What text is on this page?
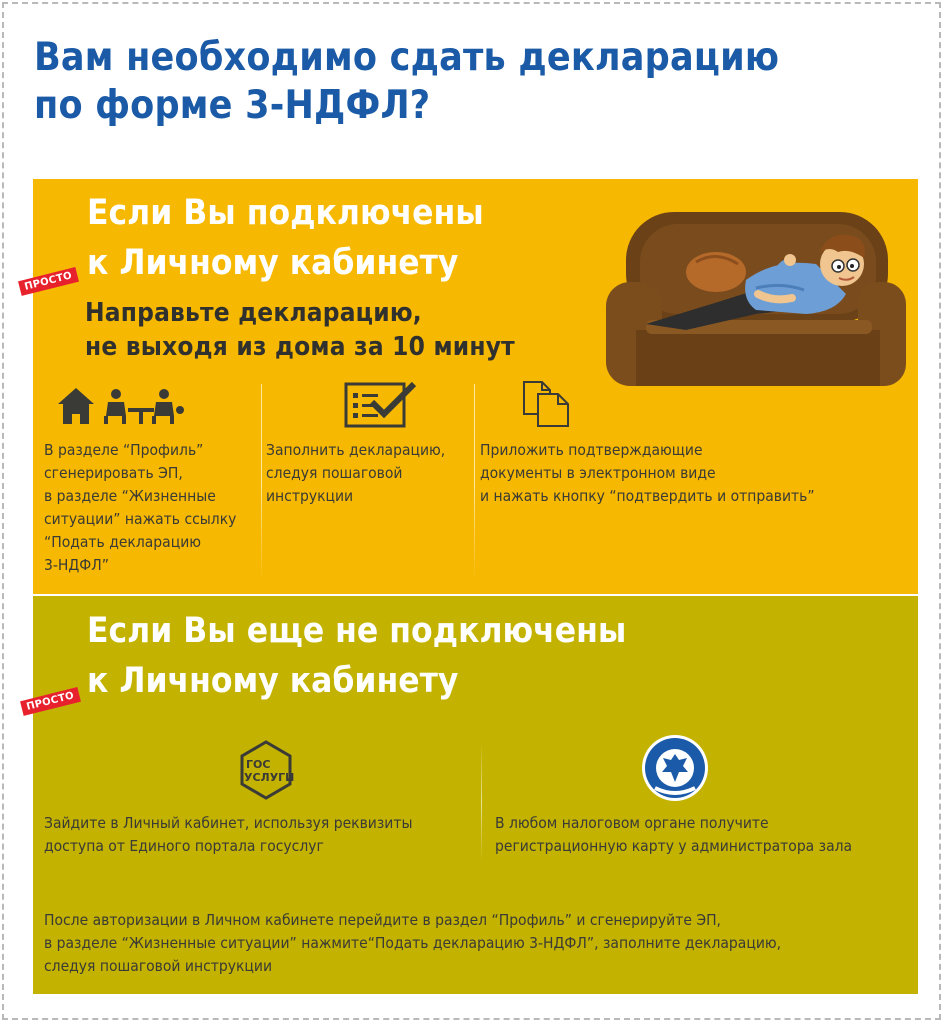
Вам необходимо сдать декларацию
по форме 3-НДФЛ?
Если Вы подключены
к Личному кабинету
ПРОСТО
Направьте декларацию,
не выходя из дома за 10 минут
В разделе “Профиль”
сгенерировать ЭП,
в разделе “Жизненные
ситуации” нажать ссылку
“Подать декларацию
3-НДФЛ”
Заполнить декларацию,
следуя пошаговой
инструкции
Приложить подтверждающие
документы в электронном виде
и нажать кнопку “подтвердить и отправить”
Если Вы еще не подключены
к Личному кабинету
ПРОСТО
ГОС
УСЛУГИ
Зайдите в Личный кабинет, используя реквизиты
доступа от Единого портала госуслуг
В любом налоговом органе получите
регистрационную карту у администратора зала
После авторизации в Личном кабинете перейдите в раздел “Профиль” и сгенерируйте ЭП,
в разделе “Жизненные ситуации” нажмите“Подать декларацию 3-НДФЛ”, заполните декларацию,
следуя пошаговой инструкции
